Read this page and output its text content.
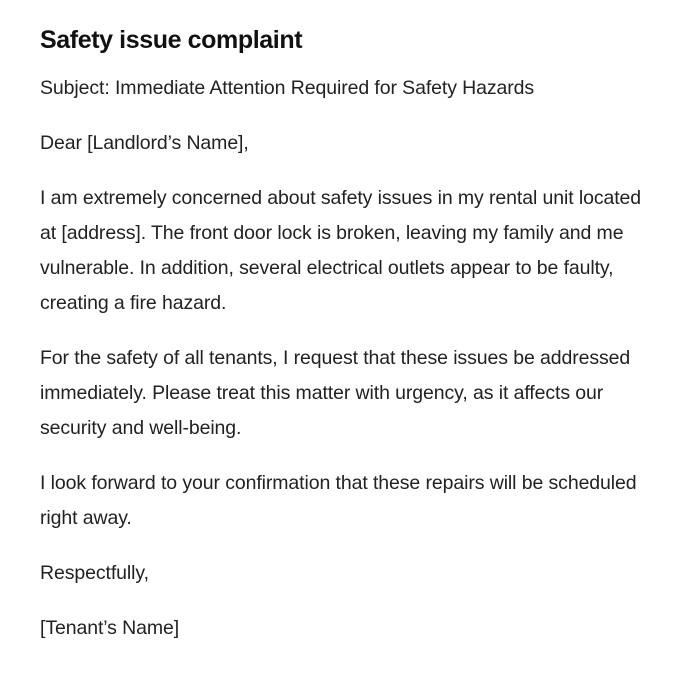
Safety issue complaint

Subject: Immediate Attention Required for Safety Hazards

Dear [Landlord’s Name],

I am extremely concerned about safety issues in my rental unit located at [address]. The front door lock is broken, leaving my family and me vulnerable. In addition, several electrical outlets appear to be faulty, creating a fire hazard.

For the safety of all tenants, I request that these issues be addressed immediately. Please treat this matter with urgency, as it affects our security and well-being.

I look forward to your confirmation that these repairs will be scheduled right away.

Respectfully,

[Tenant’s Name]
